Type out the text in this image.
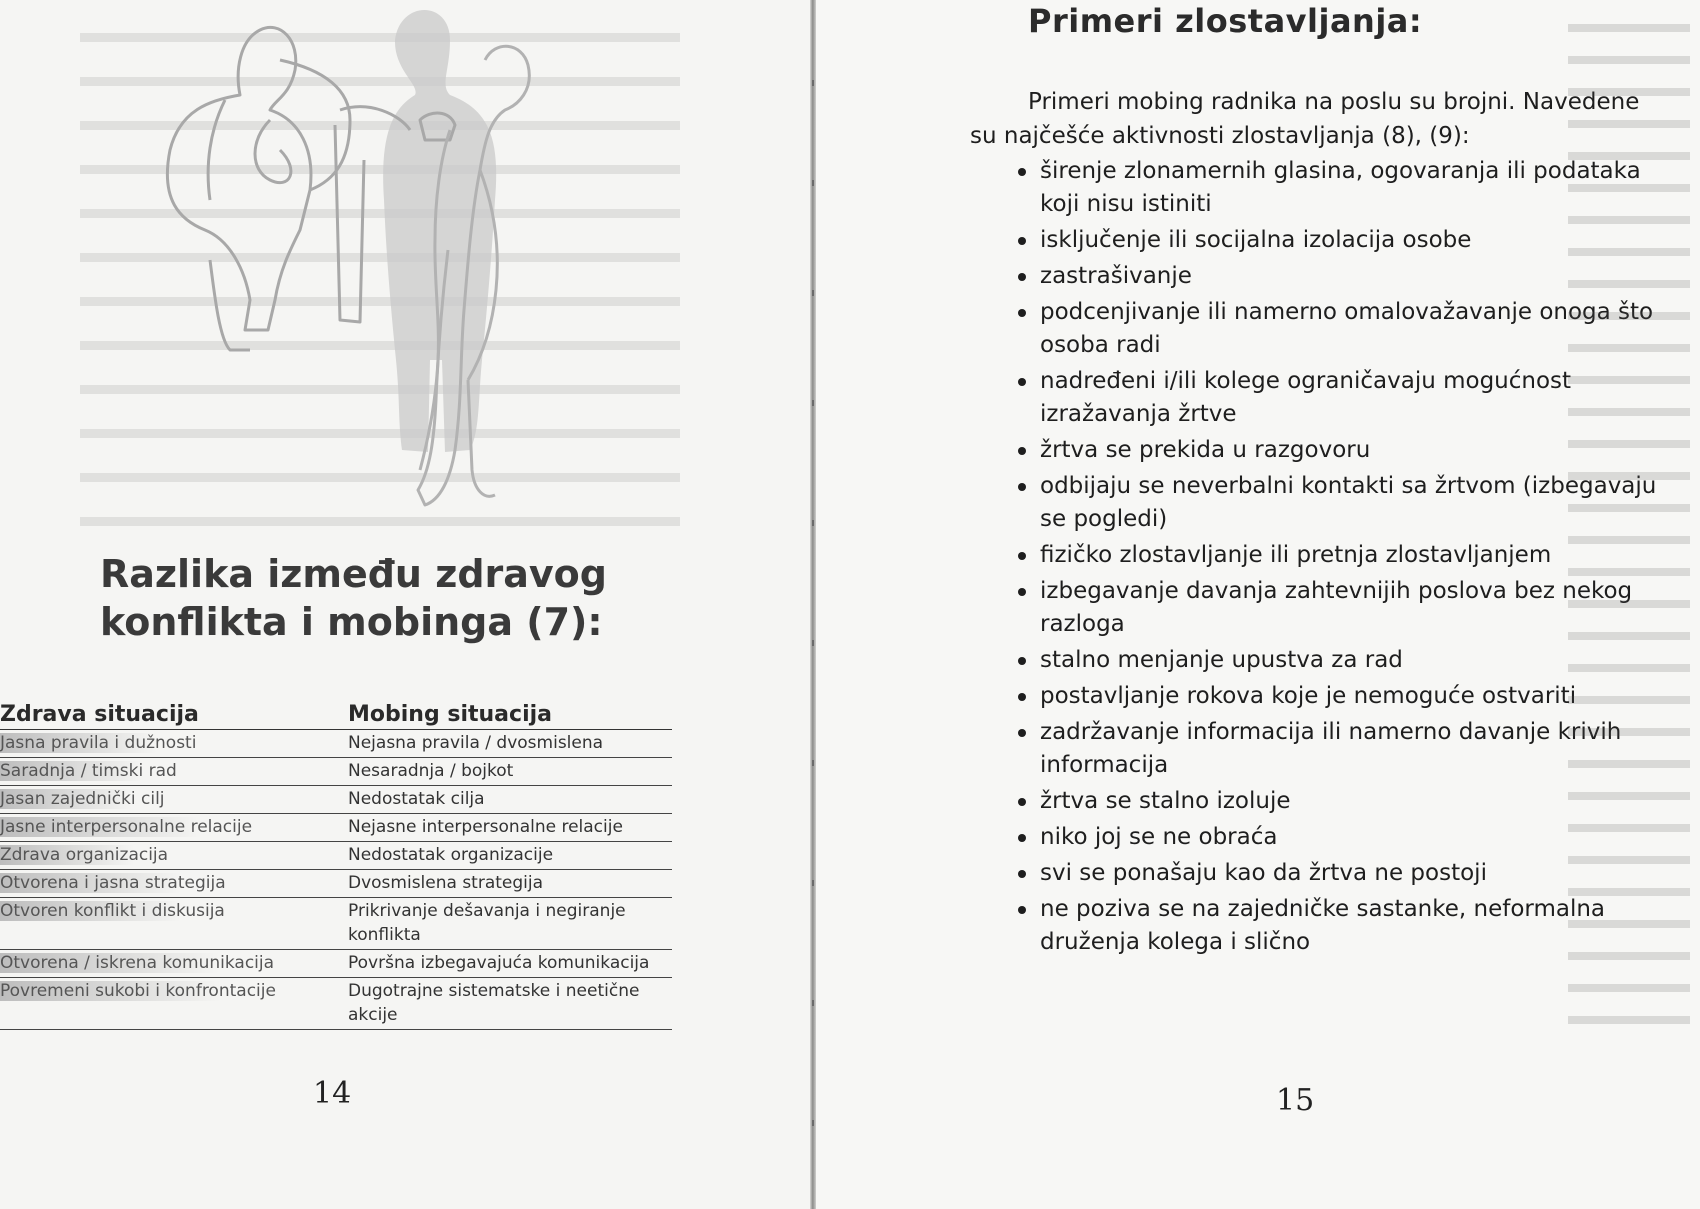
Razlika između zdravog
konflikta i mobinga (7):
Zdrava situacija	Mobing situacija
Jasna pravila i dužnosti	Nejasna pravila / dvosmislena
Saradnja / timski rad	Nesaradnja / bojkot
Jasan zajednički cilj	Nedostatak cilja
Jasne interpersonalne relacije	Nejasne interpersonalne relacije
Zdrava organizacija	Nedostatak organizacije
Otvorena i jasna strategija	Dvosmislena strategija
Otvoren konflikt i diskusija	Prikrivanje dešavanja i negiranje konflikta
Otvorena / iskrena komunikacija	Površna izbegavajuća komunikacija
Povremeni sukobi i konfrontacije	Dugotrajne sistematske i neetične akcije
14
Primeri zlostavljanja:

Primeri mobing radnika na poslu su brojni. Navedene su najčešće aktivnosti zlostavljanja (8), (9):

širenje zlonamernih glasina, ogovaranja ili podataka koji nisu istiniti
isključenje ili socijalna izolacija osobe
zastrašivanje
podcenjivanje ili namerno omalovažavanje onoga što osoba radi
nadređeni i/ili kolege ograničavaju mogućnost izražavanja žrtve
žrtva se prekida u razgovoru
odbijaju se neverbalni kontakti sa žrtvom (izbegavaju se pogledi)
fizičko zlostavljanje ili pretnja zlostavljanjem
izbegavanje davanja zahtevnijih poslova bez nekog razloga
stalno menjanje upustva za rad
postavljanje rokova koje je nemoguće ostvariti
zadržavanje informacija ili namerno davanje krivih informacija
žrtva se stalno izoluje
niko joj se ne obraća
svi se ponašaju kao da žrtva ne postoji
ne poziva se na zajedničke sastanke, neformalna druženja kolega i slično
15
